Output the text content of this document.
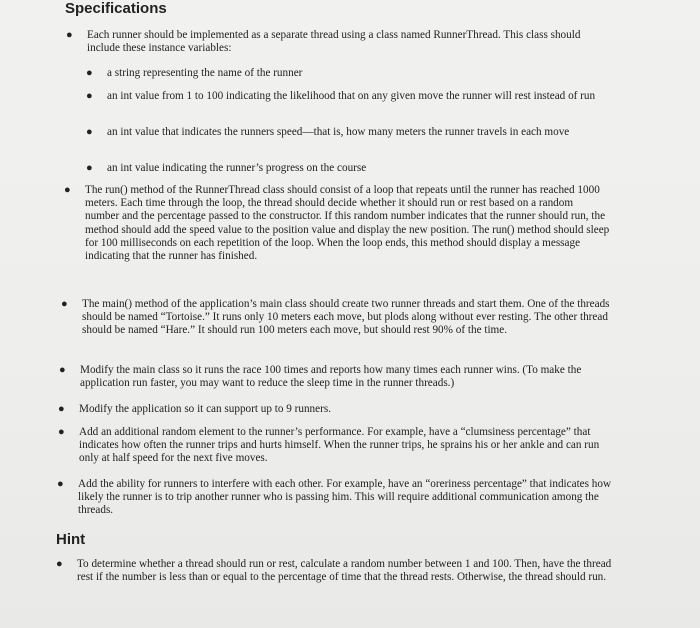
Specifications
● Each runner should be implemented as a separate thread using a class named RunnerThread. This class should include these instance variables:

● a string representing the name of the runner

● an int value from 1 to 100 indicating the likelihood that on any given move the runner will rest instead of run

● an int value that indicates the runners speed—that is, how many meters the runner travels in each move

● an int value indicating the runner’s progress on the course

● The run() method of the RunnerThread class should consist of a loop that repeats until the runner has reached 1000 meters. Each time through the loop, the thread should decide whether it should run or rest based on a random number and the percentage passed to the constructor. If this random number indicates that the runner should run, the method should add the speed value to the position value and display the new position. The run() method should sleep for 100 milliseconds on each repetition of the loop. When the loop ends, this method should display a message indicating that the runner has finished.

● The main() method of the application’s main class should create two runner threads and start them. One of the threads should be named “Tortoise.” It runs only 10 meters each move, but plods along without ever resting. The other thread should be named “Hare.” It should run 100 meters each move, but should rest 90% of the time.

● Modify the main class so it runs the race 100 times and reports how many times each runner wins. (To make the application run faster, you may want to reduce the sleep time in the runner threads.)

● Modify the application so it can support up to 9 runners.

● Add an additional random element to the runner’s performance. For example, have a “clumsiness percentage” that indicates how often the runner trips and hurts himself. When the runner trips, he sprains his or her ankle and can run only at half speed for the next five moves.

● Add the ability for runners to interfere with each other. For example, have an “oreriness percentage” that indicates how likely the runner is to trip another runner who is passing him. This will require additional communication among the threads.

Hint
● To determine whether a thread should run or rest, calculate a random number between 1 and 100. Then, have the thread rest if the number is less than or equal to the percentage of time that the thread rests. Otherwise, the thread should run.
